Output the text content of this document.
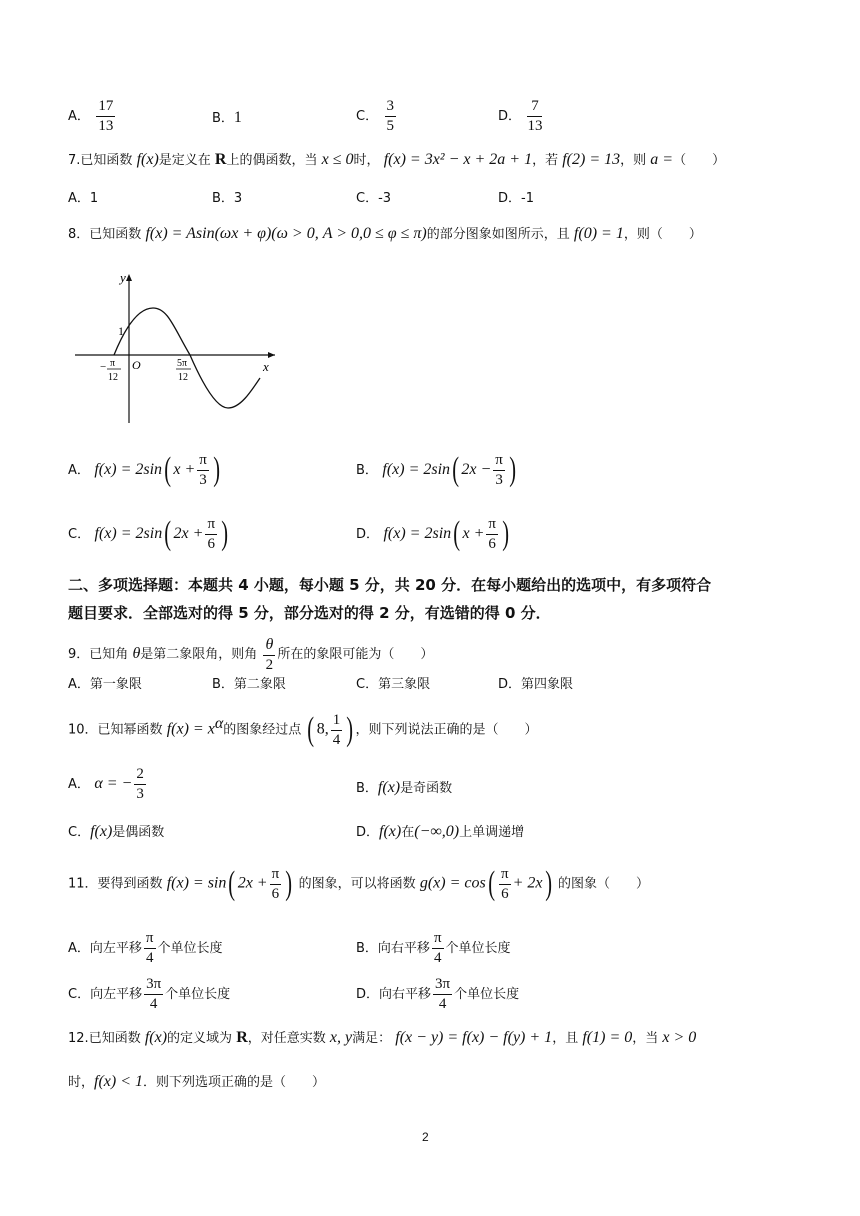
A． $\frac{17}{13}$	B．1	C． $\frac{3}{5}$	D． $\frac{7}{13}$
7.已知函数 f(x)是定义在 R上的偶函数，当 x ≤ 0时， f(x) = 3x² − x + 2a + 1，若 f(2) = 13，则 a =（　　）
A．1	B．3	C．-3	D．-1
8．已知函数 f(x) = Asin(ωx + φ)(ω > 0, A > 0,0 ≤ φ ≤ π)的部分图象如图所示，且 f(0) = 1，则（　　）
y
x
O
1
− π
12
5π
12
A． f(x) = 2sin( $x + \frac{\pi}{3}$ )	B． f(x) = 2sin( $2x - \frac{\pi}{3}$ )
C． f(x) = 2sin( $2x + \frac{\pi}{6}$ )	D． f(x) = 2sin( $x + \frac{\pi}{6}$ )
二、多项选择题：本题共 4 小题，每小题 5 分，共 20 分．在每小题给出的选项中，有多项符合
题目要求．全部选对的得 5 分，部分选对的得 2 分，有选错的得 0 分．
9．已知角 θ是第二象限角，则角 $\frac{\theta}{2}$ 所在的象限可能为（　　）
A．第一象限	B．第二象限	C．第三象限	D．第四象限
10．已知幂函数 $f(x) = x^\alpha$的图象经过点 ( 8, $\frac{1}{4}$ ) ，则下列说法正确的是（　　）
A． α = − $\frac{2}{3}$	B．f(x)是奇函数
C．f(x)是偶函数	D．f(x)在(−∞,0)上单调递增
11．要得到函数 f(x) = sin( $2x + \frac{\pi}{6}$ ) 的图象，可以将函数 $g(x) = \cos( \frac{\pi}{6} + 2x)$ 的图象（　　）
A．向左平移 $\frac{\pi}{4}$ 个单位长度	B．向右平移 $\frac{\pi}{4}$ 个单位长度
C．向左平移 $\frac{3\pi}{4}$ 个单位长度	D．向右平移 $\frac{3\pi}{4}$ 个单位长度
12.已知函数 f(x)的定义域为 R，对任意实数 x, y满足： f(x − y) = f(x) − f(y) + 1，且 f(1) = 0，当 x > 0
时，f(x) < 1．则下列选项正确的是（　　）
2
